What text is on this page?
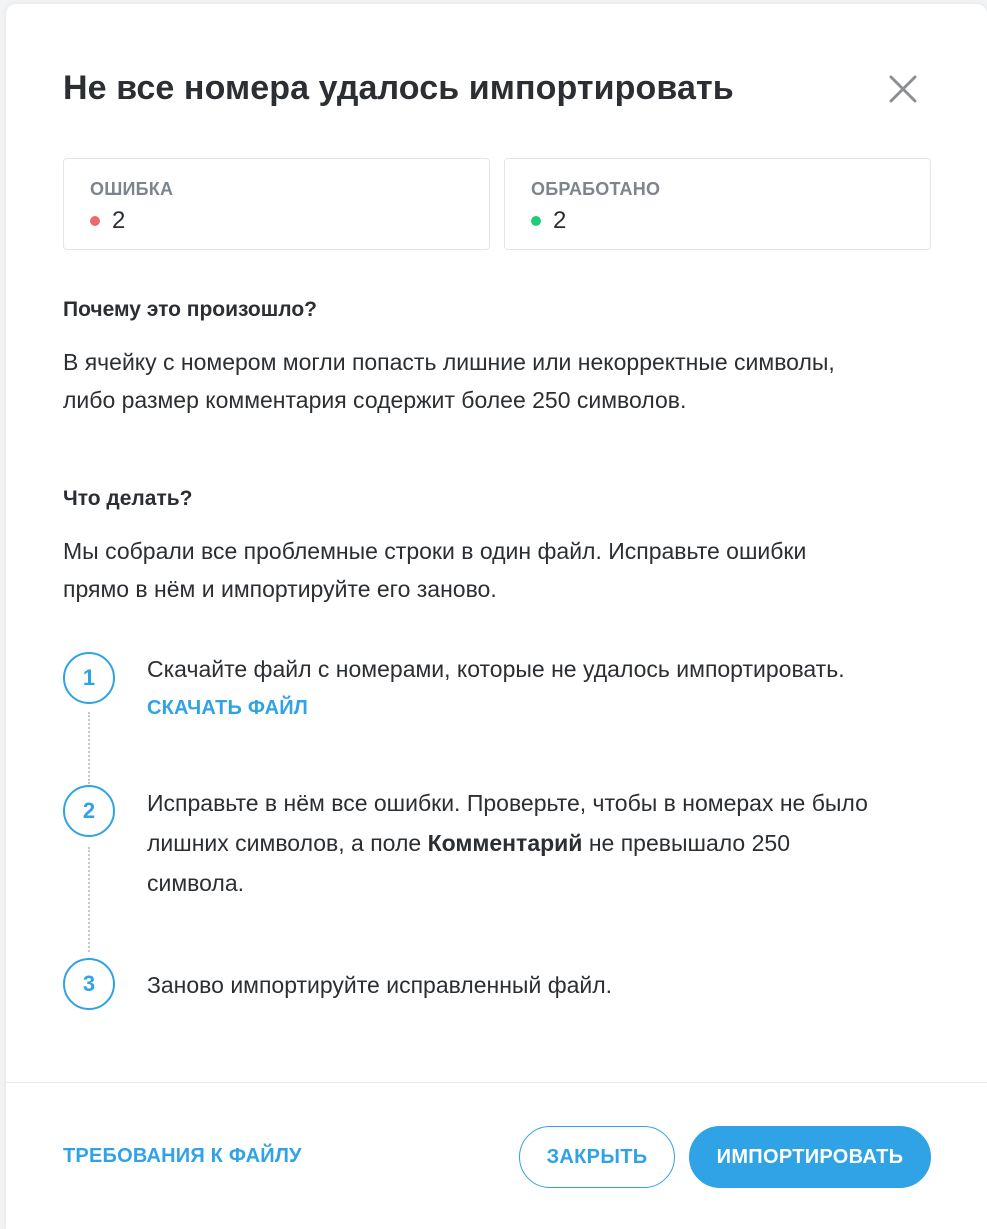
Не все номера удалось импортировать
ОШИБКА
2
ОБРАБОТАНО
2
Почему это произошло?

В ячейку с номером могли попасть лишние или некорректные символы,
либо размер комментария содержит более 250 символов.

Что делать?

Мы собрали все проблемные строки в один файл. Исправьте ошибки
прямо в нём и импортируйте его заново.

1	Скачайте файл с номерами, которые не удалось импортировать.

СКАЧАТЬ ФАЙЛ
2	Исправьте в нём все ошибки. Проверьте, чтобы в номерах не было
лишних символов, а поле Комментарий не превышало 250
символа.

3	Заново импортируйте исправленный файл.

ТРЕБОВАНИЯ К ФАЙЛУ	ЗАКРЫТЬ	ИМПОРТИРОВАТЬ
